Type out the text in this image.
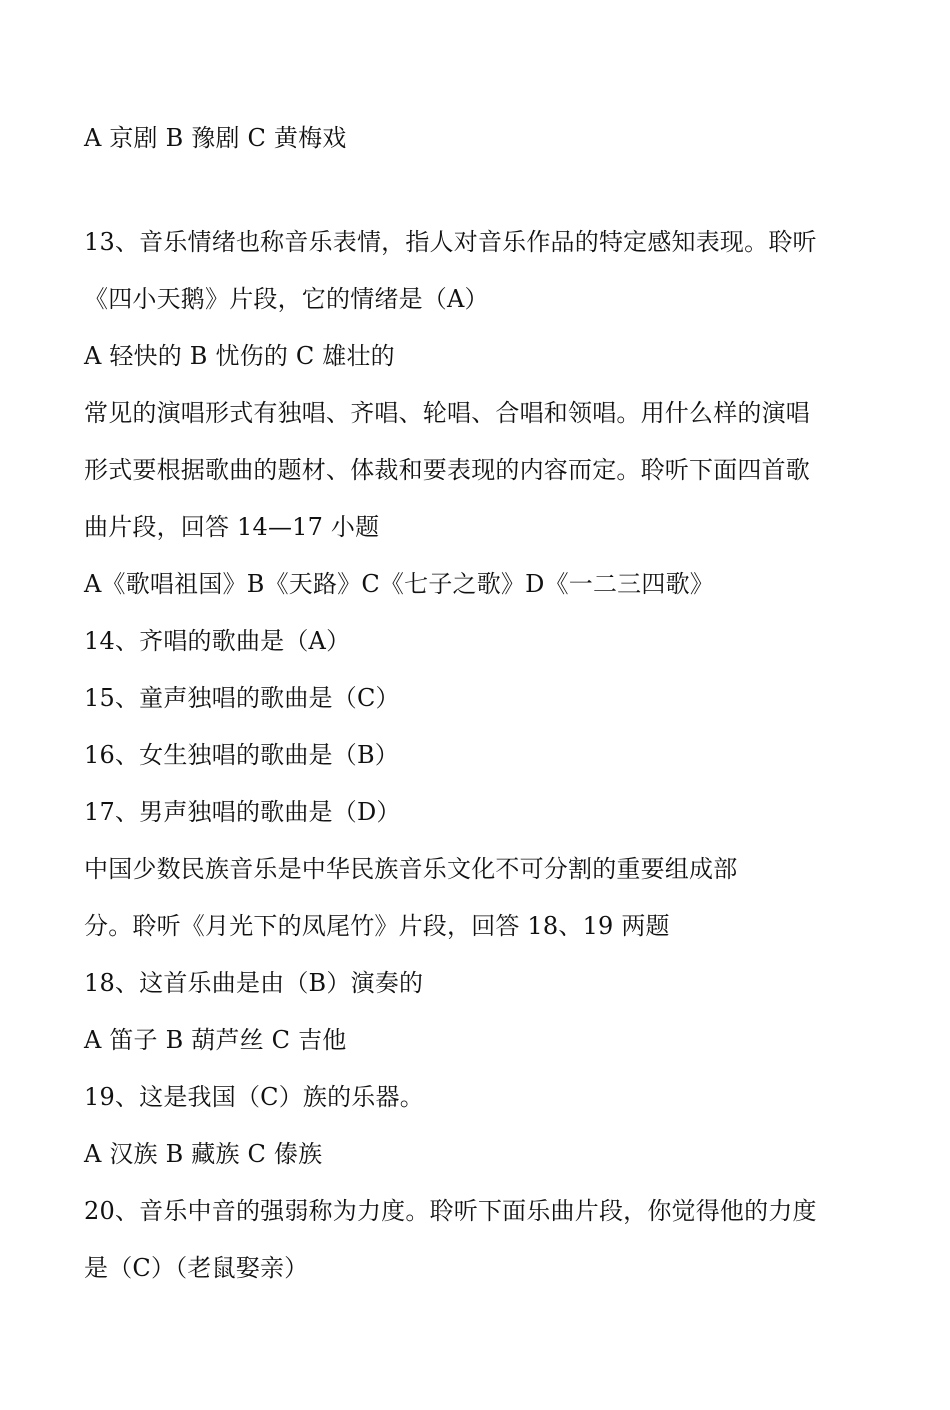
A 京剧 B 豫剧 C 黄梅戏
13、音乐情绪也称音乐表情，指人对音乐作品的特定感知表现。聆听
《四小天鹅》片段，它的情绪是（A）
A 轻快的 B 忧伤的 C 雄壮的
常见的演唱形式有独唱、齐唱、轮唱、合唱和领唱。用什么样的演唱
形式要根据歌曲的题材、体裁和要表现的内容而定。聆听下面四首歌
曲片段，回答 14—17 小题
A《歌唱祖国》B《天路》C《七子之歌》D《一二三四歌》
14、齐唱的歌曲是（A）
15、童声独唱的歌曲是（C）
16、女生独唱的歌曲是（B）
17、男声独唱的歌曲是（D）
中国少数民族音乐是中华民族音乐文化不可分割的重要组成部
分。聆听《月光下的凤尾竹》片段，回答 18、19 两题
18、这首乐曲是由（B）演奏的
A 笛子 B 葫芦丝 C 吉他
19、这是我国（C）族的乐器。
A 汉族 B 藏族 C 傣族
20、音乐中音的强弱称为力度。聆听下面乐曲片段，你觉得他的力度
是（C）（老鼠娶亲）
